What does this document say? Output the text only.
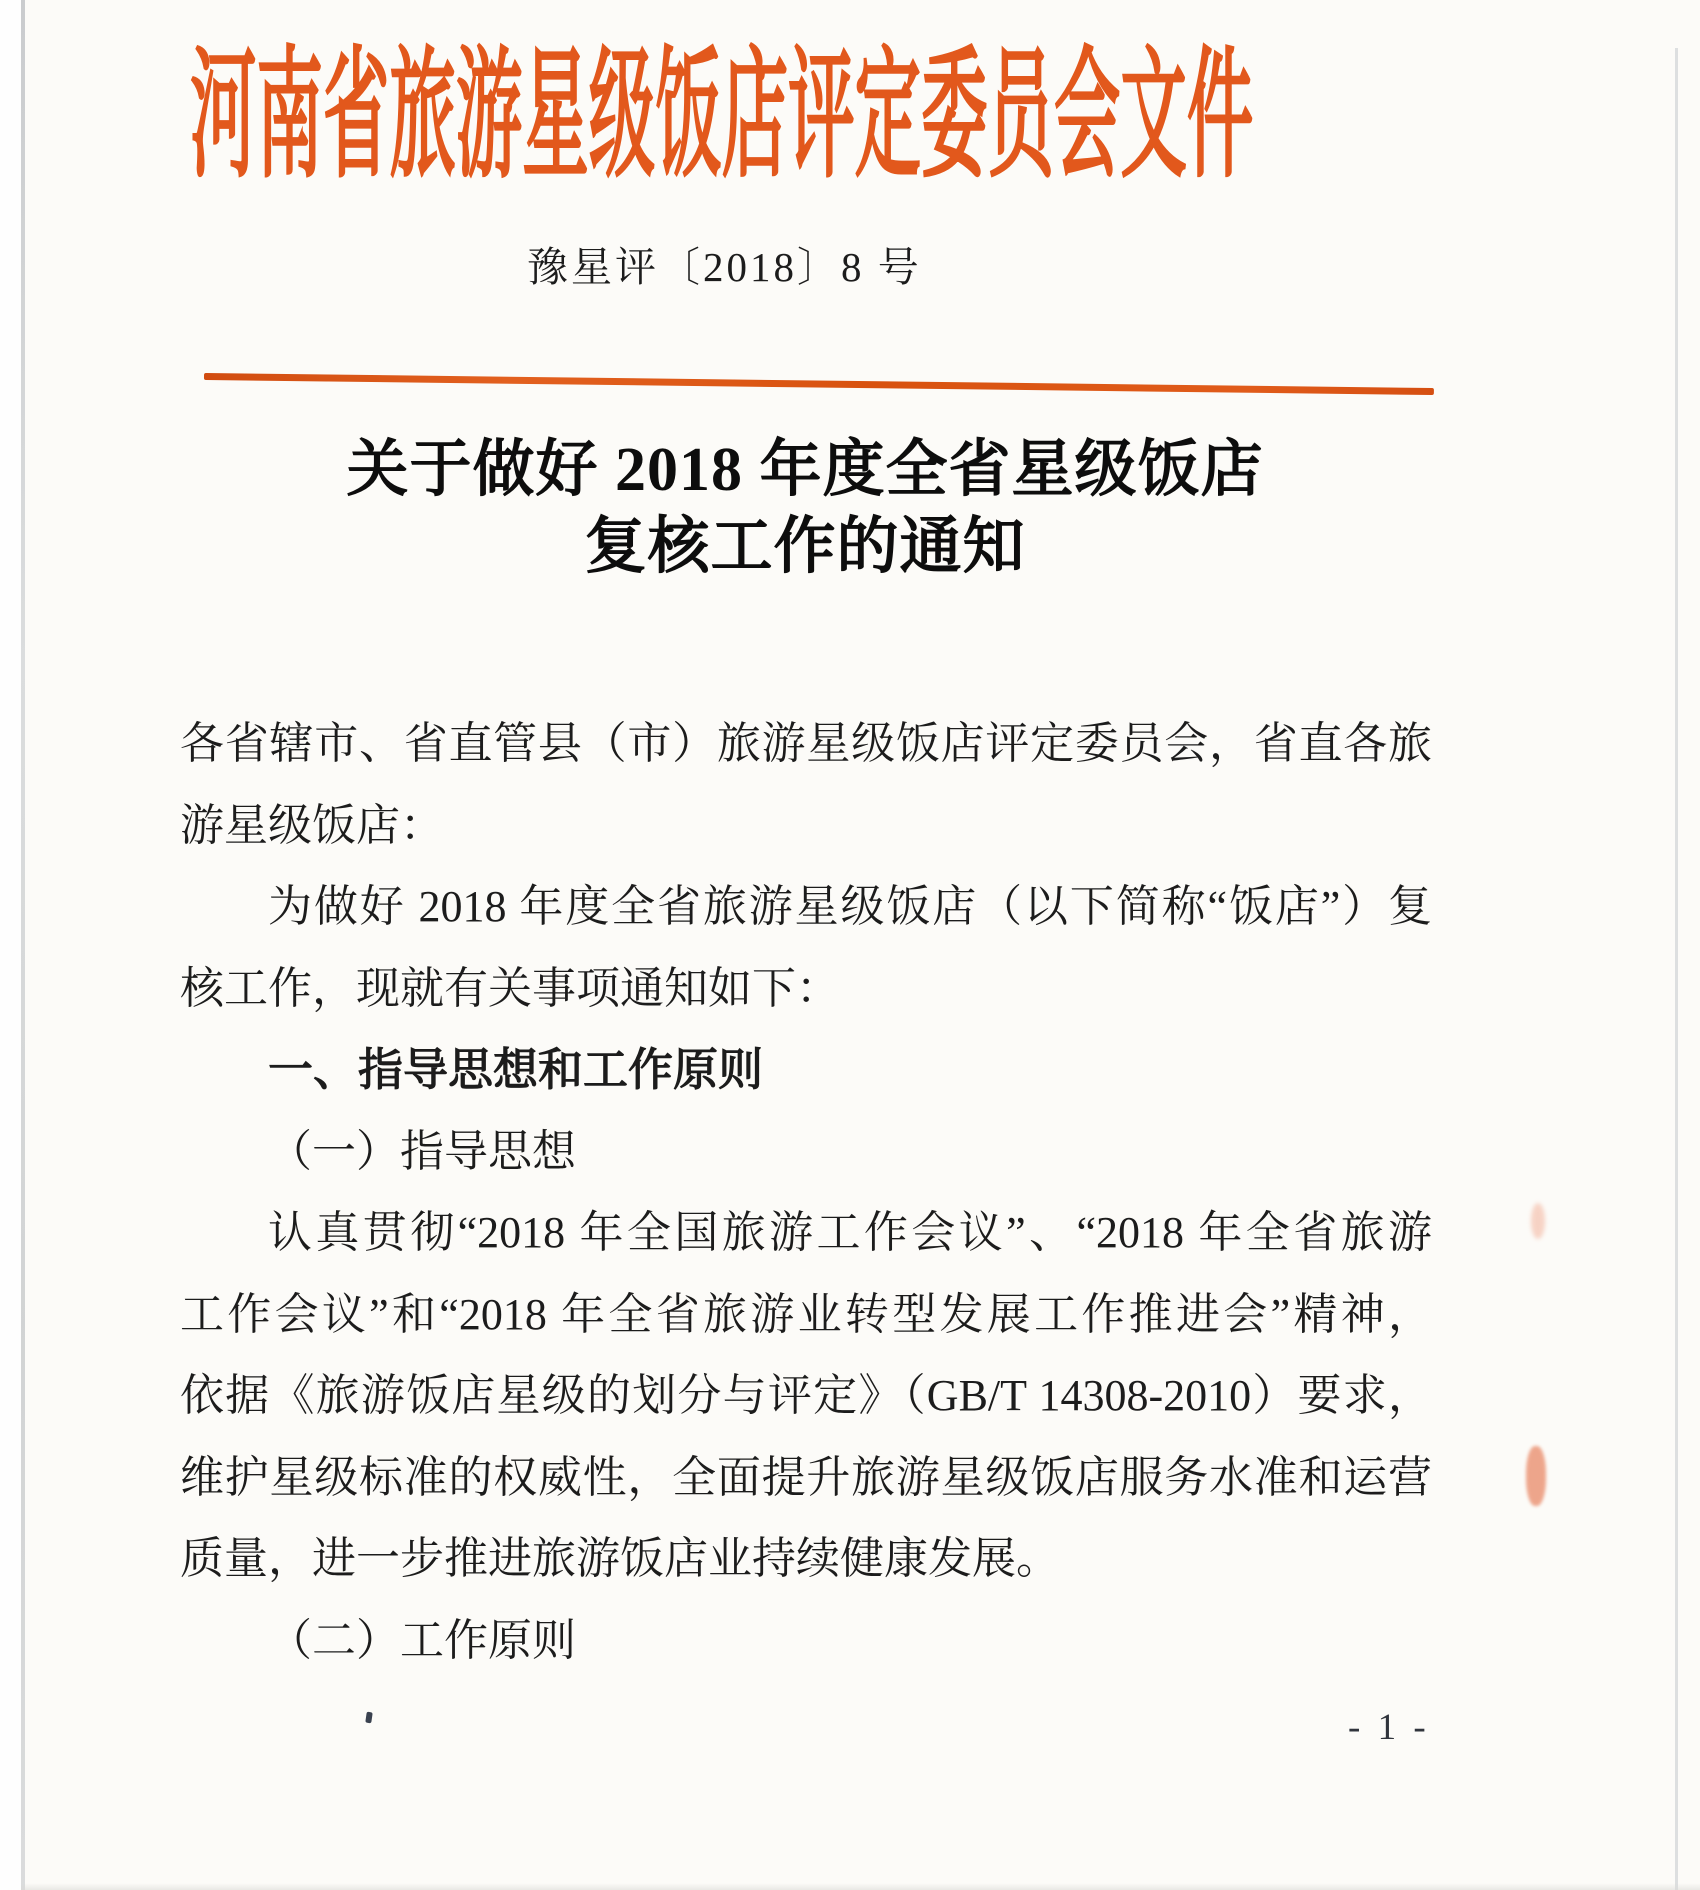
河南省旅游星级饭店评定委员会文件
豫星评〔2018〕8 号
关于做好 2018 年度全省星级饭店
复核工作的通知
各省辖市、省直管县（市）旅游星级饭店评定委员会，省直各旅
游星级饭店：
为做好 2018 年度全省旅游星级饭店（以下简称“饭店”）复
核工作，现就有关事项通知如下：
一、指导思想和工作原则
（一）指导思想
认真贯彻“2018 年全国旅游工作会议”、“2018 年全省旅游
工作会议”和“2018 年全省旅游业转型发展工作推进会”精神，
依据《旅游饭店星级的划分与评定》（GB/T 14308-2010）要求，
维护星级标准的权威性，全面提升旅游星级饭店服务水准和运营
质量，进一步推进旅游饭店业持续健康发展。
（二）工作原则
- 1 -
